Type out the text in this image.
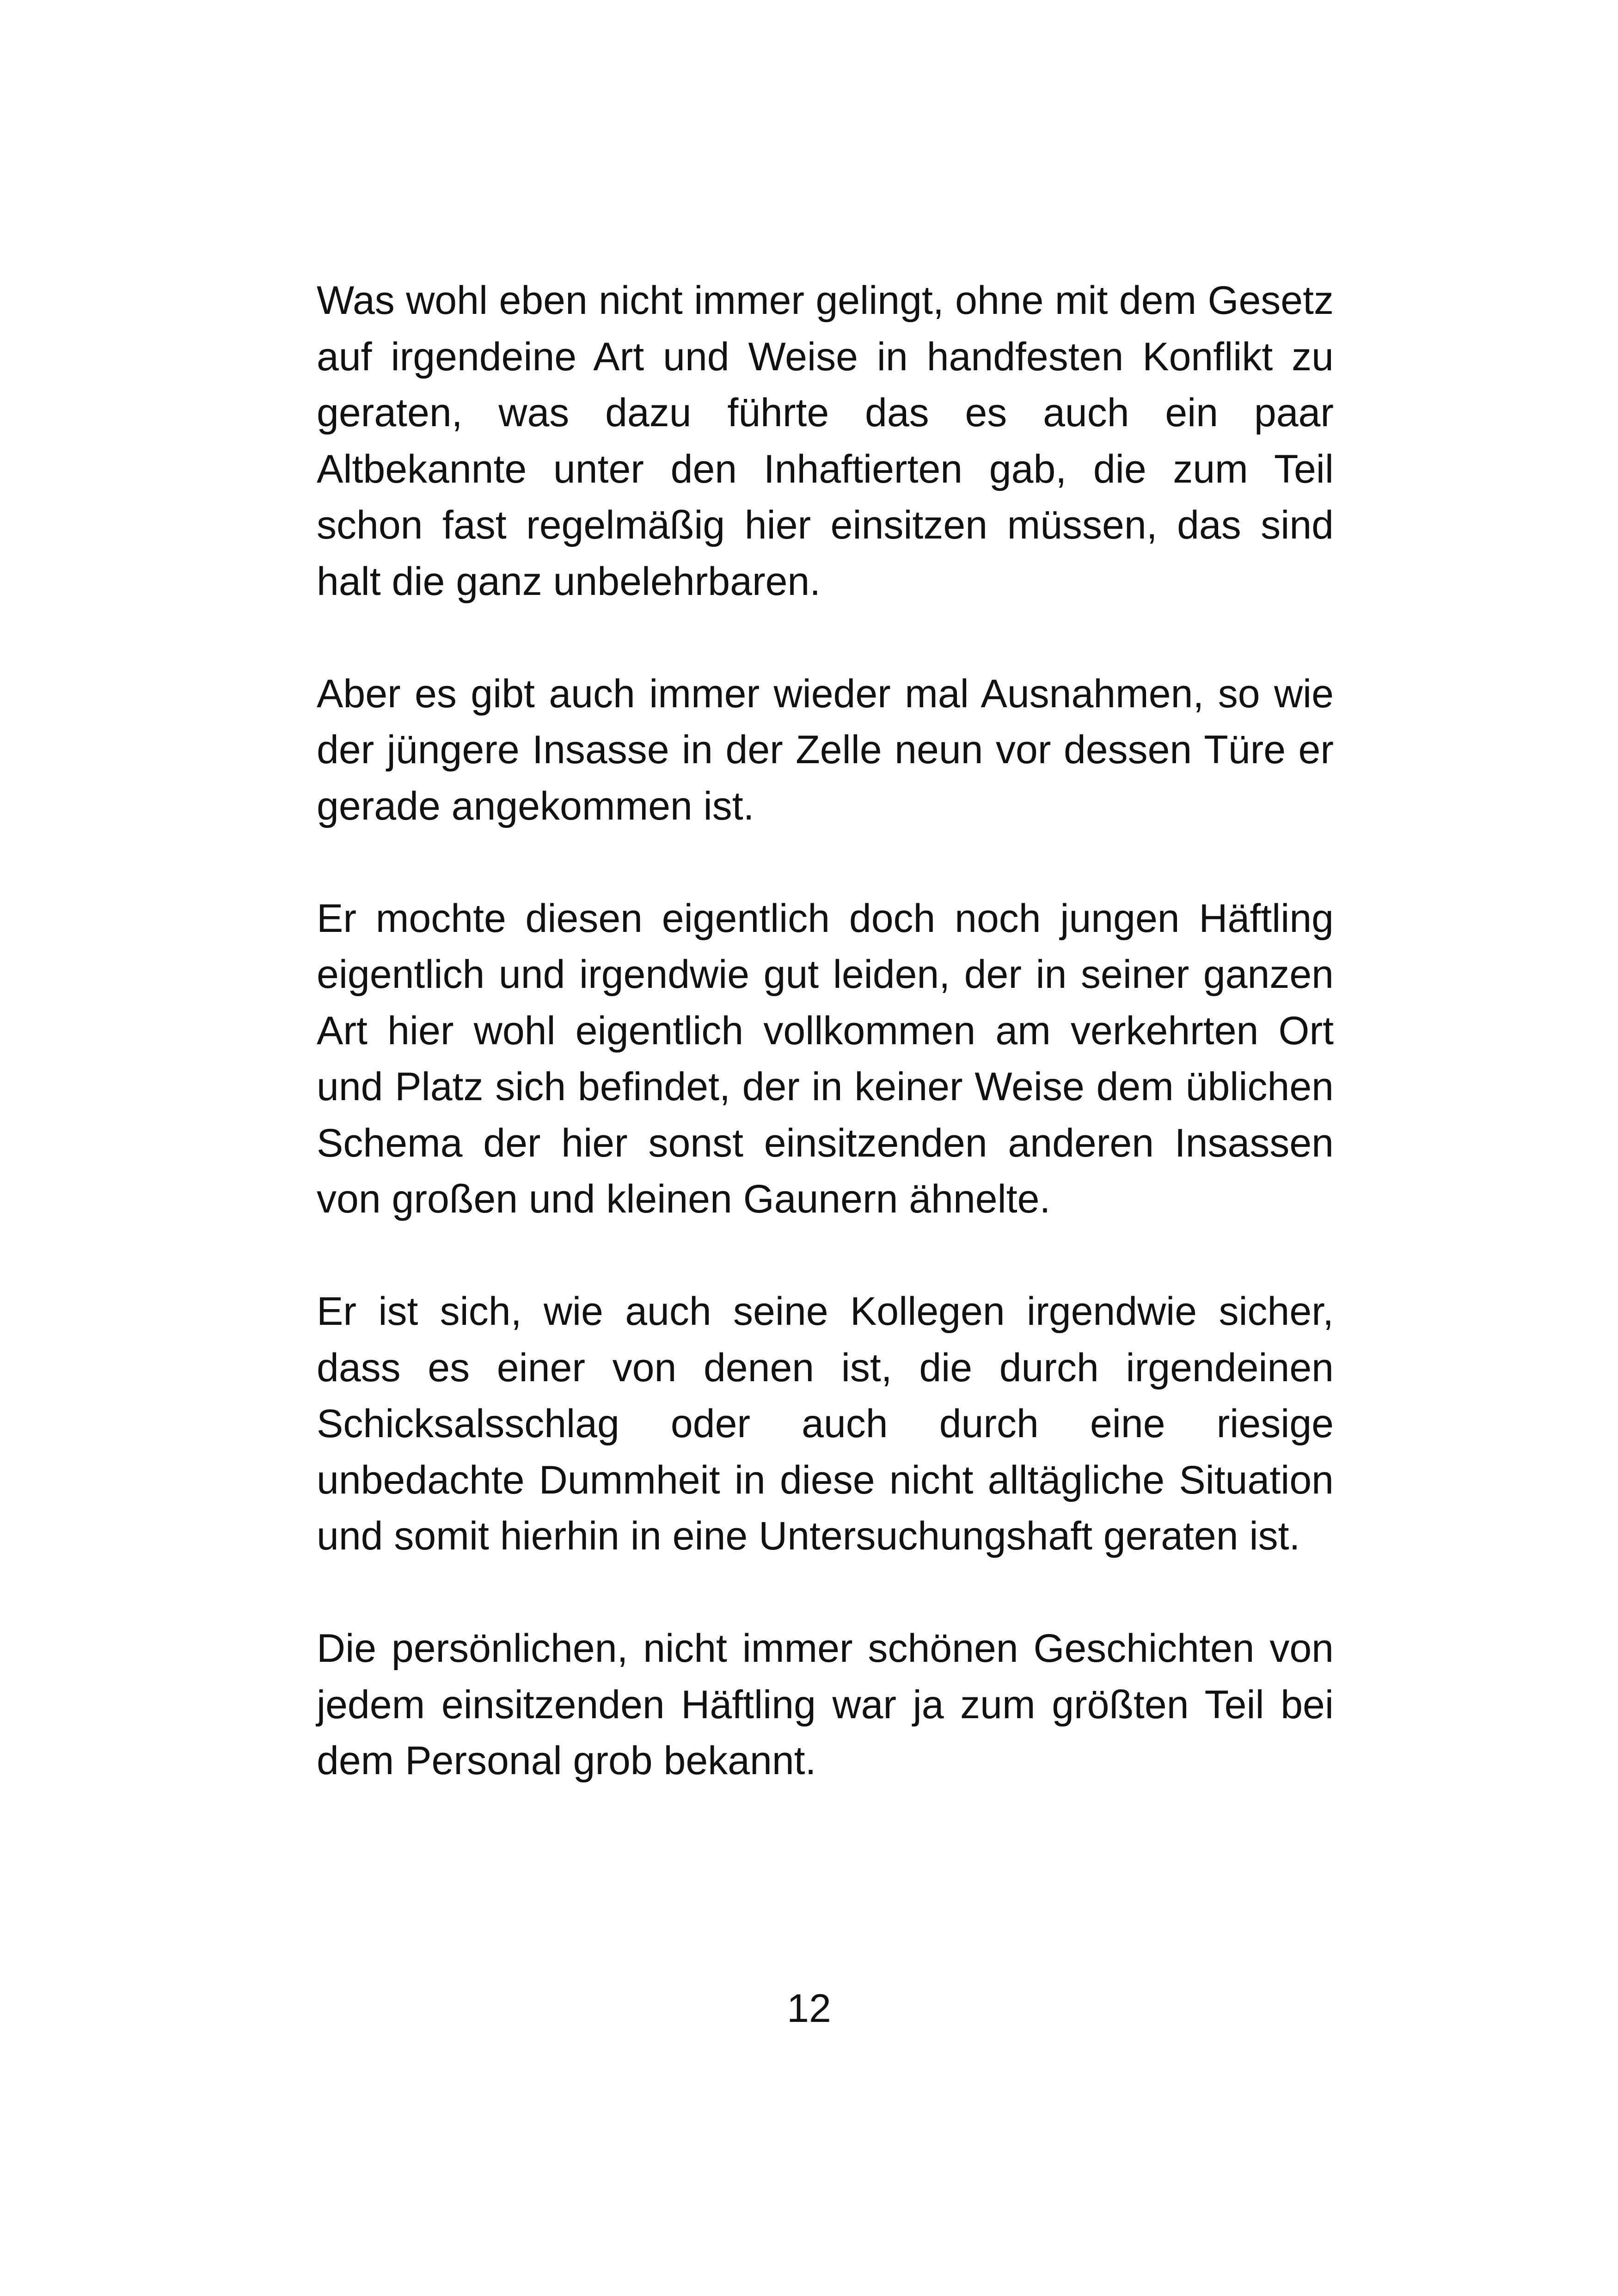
Was wohl eben nicht immer gelingt, ohne mit dem Gesetz auf irgendeine Art und Weise in handfesten Konflikt zu geraten, was dazu führte das es auch ein paar Altbekannte unter den Inhaftierten gab, die zum Teil schon fast regelmäßig hier einsitzen müssen, das sind halt die ganz unbelehrbaren.

Aber es gibt auch immer wieder mal Ausnahmen, so wie der jüngere Insasse in der Zelle neun vor dessen Türe er gerade angekommen ist.

Er mochte diesen eigentlich doch noch jungen Häftling eigentlich und irgendwie gut leiden, der in seiner ganzen Art hier wohl eigentlich vollkommen am verkehrten Ort und Platz sich befindet, der in keiner Weise dem üblichen Schema der hier sonst einsitzenden anderen Insassen von großen und kleinen Gaunern ähnelte.

Er ist sich, wie auch seine Kollegen irgendwie sicher, dass es einer von denen ist, die durch irgendeinen Schicksalsschlag oder auch durch eine riesige unbedachte Dummheit in diese nicht alltägliche Situation und somit hierhin in eine Untersuchungshaft geraten ist.

Die persönlichen, nicht immer schönen Geschichten von jedem einsitzenden Häftling war ja zum größten Teil bei dem Personal grob bekannt.

12
